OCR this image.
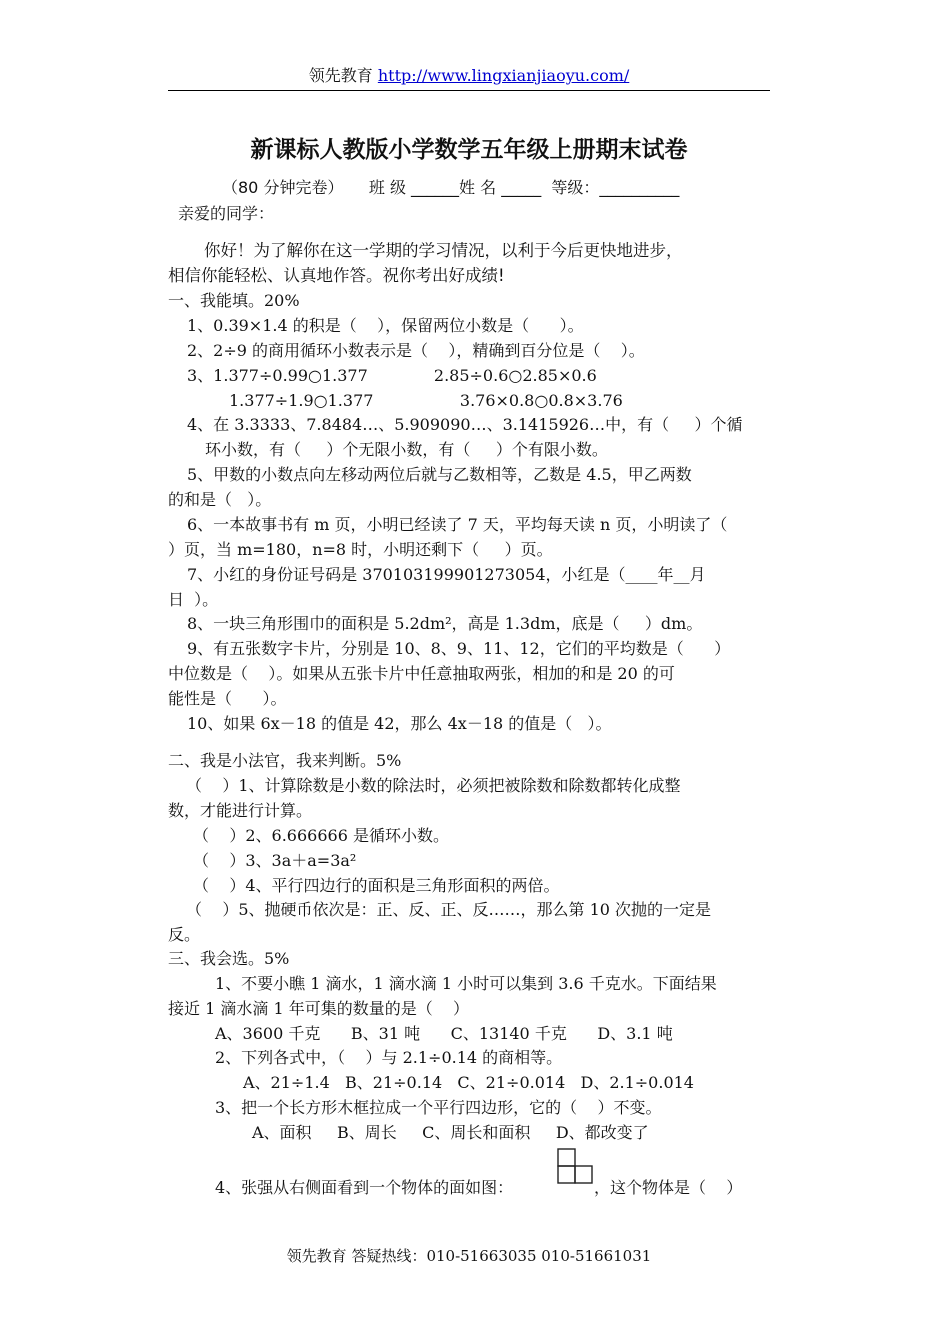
领先教育 http://www.lingxianjiaoyu.com/
新课标人教版小学数学五年级上册期末试卷
（80 分钟完卷）     班 级 ______姓 名 _____  等级：__________
亲爱的同学：
你好！为了解你在这一学期的学习情况，以利于今后更快地进步，
相信你能轻松、认真地作答。祝你考出好成绩!
一、我能填。20%
1、0.39×1.4 的积是（    ），保留两位小数是（      ）。
2、2÷9 的商用循环小数表示是（    ），精确到百分位是（    ）。
3、1.377÷0.99○1.377             2.85÷0.6○2.85×0.6
1.377÷1.9○1.377                 3.76×0.8○0.8×3.76
4、在 3.3333、7.8484…、5.909090…、3.1415926…中，有（     ）个循
环小数，有（     ）个无限小数，有（     ）个有限小数。
5、甲数的小数点向左移动两位后就与乙数相等，乙数是 4.5，甲乙两数
的和是（   ）。
6、一本故事书有 m 页，小明已经读了 7 天，平均每天读 n 页，小明读了（
）页，当 m=180，n=8 时，小明还剩下（     ）页。
7、小红的身份证号码是 370103199901273054，小红是（____年__月
日  ）。
8、一块三角形围巾的面积是 5.2dm²，高是 1.3dm，底是（     ）dm。
9、有五张数字卡片，分别是 10、8、9、11、12，它们的平均数是（      ）
中位数是（    ）。如果从五张卡片中任意抽取两张，相加的和是 20 的可
能性是（      ）。
10、如果 6x－18 的值是 42，那么 4x－18 的值是（   ）。
二、我是小法官，我来判断。5%
（    ）1、计算除数是小数的除法时，必须把被除数和除数都转化成整
数，才能进行计算。
（    ）2、6.666666 是循环小数。
（    ）3、3a＋a=3a²
（    ）4、平行四边行的面积是三角形面积的两倍。
（    ）5、抛硬币依次是：正、反、正、反……，那么第 10 次抛的一定是
反。
三、我会选。5%
1、不要小瞧 1 滴水，1 滴水滴 1 小时可以集到 3.6 千克水。下面结果
接近 1 滴水滴 1 年可集的数量的是（    ）
A、3600 千克      B、31 吨      C、13140 千克      D、3.1 吨
2、下列各式中，（    ）与 2.1÷0.14 的商相等。
A、21÷1.4   B、21÷0.14   C、21÷0.014   D、2.1÷0.014
3、把一个长方形木框拉成一个平行四边形，它的（    ）不变。
A、面积     B、周长     C、周长和面积     D、都改变了
4、张强从右侧面看到一个物体的面如图：	，这个物体是（    ）
领先教育 答疑热线：010-51663035 010-51661031
